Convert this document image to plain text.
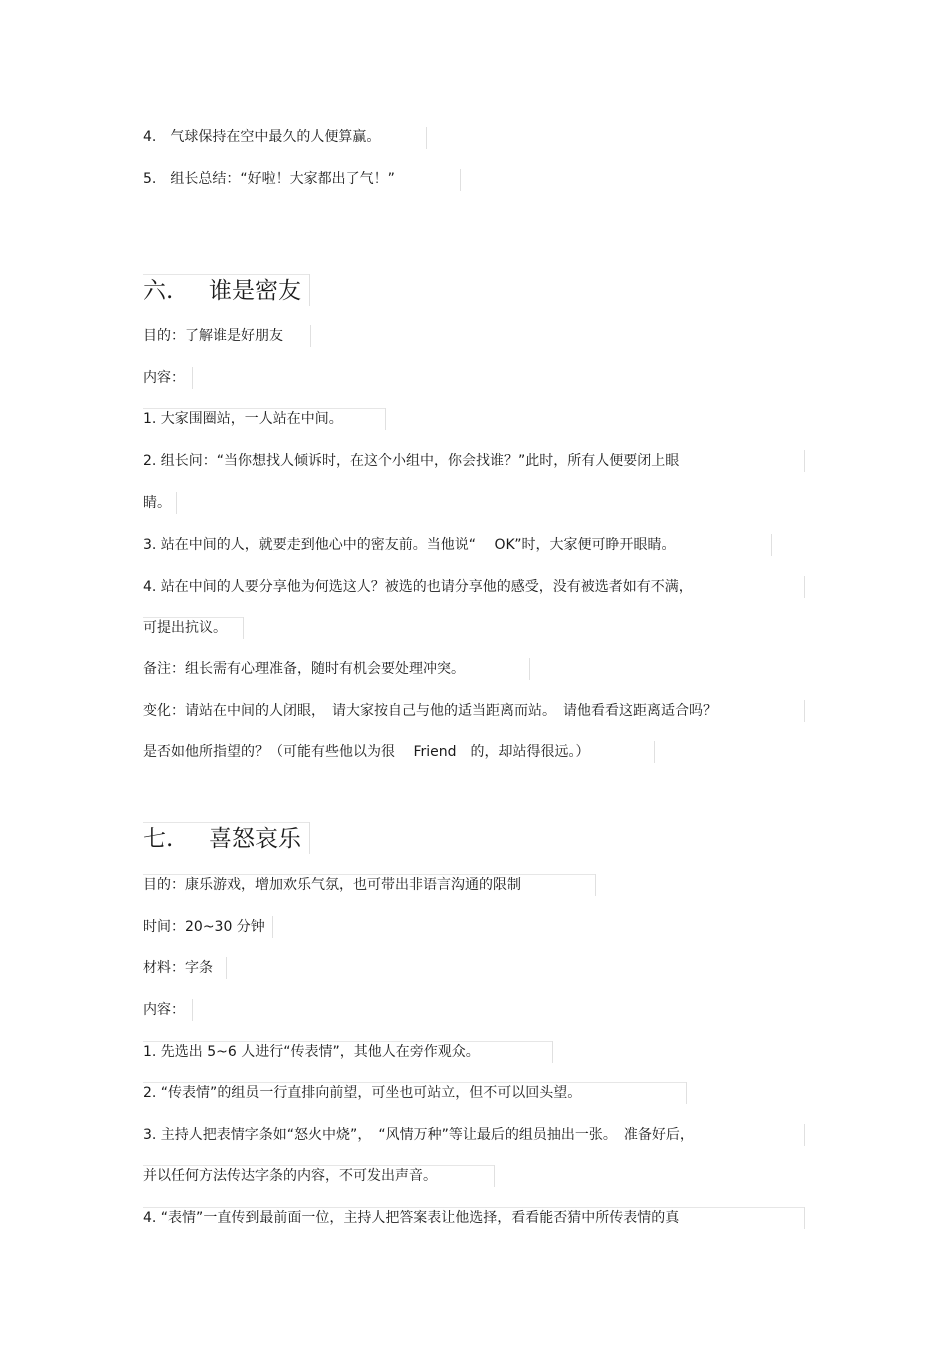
4.　气球保持在空中最久的人便算赢。
5.　组长总结：“好啦！大家都出了气！”
六. 谁是密友
目的：了解谁是好朋友
内容：
1. 大家围圈站，一人站在中间。
2. 组长问：“当你想找人倾诉时，在这个小组中，你会找谁？”此时，所有人便要闭上眼
睛。
3. 站在中间的人，就要走到他心中的密友前。当他说“　 OK”时，大家便可睁开眼睛。
4. 站在中间的人要分享他为何选这人？被选的也请分享他的感受，没有被选者如有不满，
可提出抗议。
备注：组长需有心理准备，随时有机会要处理冲突。
变化：请站在中间的人闭眼，　请大家按自己与他的适当距离而站。　请他看看这距离适合吗？
是否如他所指望的？（可能有些他以为很　 Friend　的，却站得很远。）
七. 喜怒哀乐
目的：康乐游戏，增加欢乐气氛，也可带出非语言沟通的限制
时间：20~30 分钟
材料：字条
内容：
1. 先选出 5~6 人进行“传表情”，其他人在旁作观众。
2. “传表情”的组员一行直排向前望，可坐也可站立，但不可以回头望。
3. 主持人把表情字条如“怒火中烧”，　“风情万种”等让最后的组员抽出一张。　准备好后，
并以任何方法传达字条的内容，不可发出声音。
4. “表情”一直传到最前面一位，主持人把答案表让他选择，看看能否猜中所传表情的真
